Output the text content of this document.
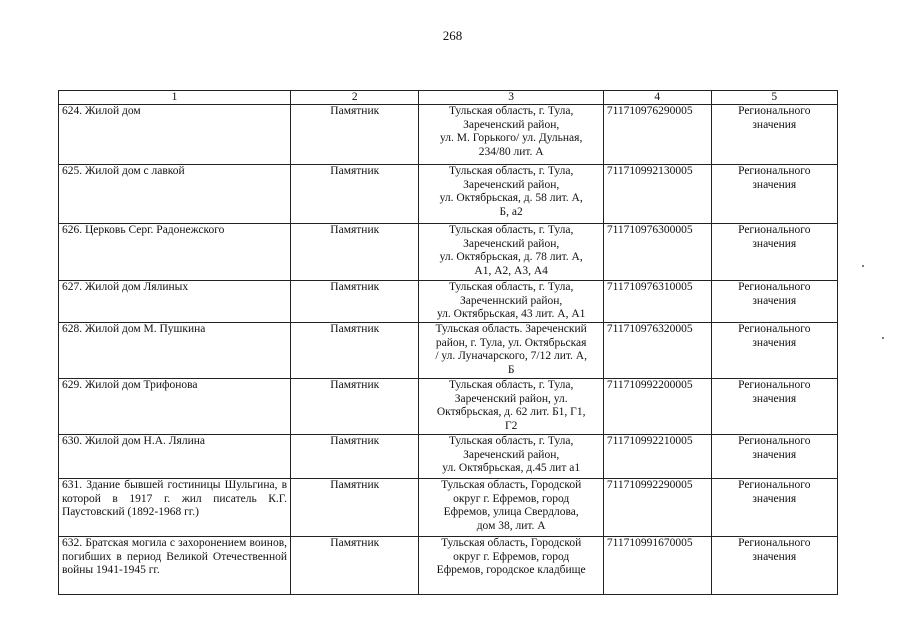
268
1	2	3	4	5
624. Жилой дом	Памятник	Тульская область, г. Тула,
Зареченский район,
ул. М. Горького/ ул. Дульная,
234/80 лит. А	711710976290005	Регионального
значения

625. Жилой дом с лавкой	Памятник	Тульская область, г. Тула,
Зареченский район,
ул. Октябрьская, д. 58 лит. А,
Б, а2	711710992130005	Регионального
значения

626. Церковь Серг. Радонежского	Памятник	Тульская область, г. Тула,
Зареченский район,
ул. Октябрьская, д. 78 лит. А,
А1, А2, А3, А4	711710976300005	Регионального
значения

627. Жилой дом Лялиных	Памятник	Тульская область, г. Тула,
Зареченнский район,
ул. Октябрьская, 43 лит. А, А1	711710976310005	Регионального
значения

628. Жилой дом М. Пушкина	Памятник	Тульская область. Зареченский
район, г. Тула, ул. Октябрьская
/ ул. Луначарского, 7/12 лит. А,
Б	711710976320005	Регионального
значения

629. Жилой дом Трифонова	Памятник	Тульская область, г. Тула,
Зареченский район, ул.
Октябрьская, д. 62 лит. Б1, Г1,
Г2	711710992200005	Регионального
значения

630. Жилой дом Н.А. Лялина	Памятник	Тульская область, г. Тула,
Зареченский район,
ул. Октябрьская, д.45 лит а1	711710992210005	Регионального
значения

631. Здание бывшей гостиницы Шульгина, в которой в 1917 г. жил писатель К.Г. Паустовский (1892-1968 гг.)	Памятник	Тульская область, Городской
округ г. Ефремов, город
Ефремов, улица Свердлова,
дом 38, лит. А	711710992290005	Регионального
значения

632. Братская могила с захоронением воинов, погибших в период Великой Отечественной войны 1941-1945 гг.	Памятник	Тульская область, Городской
округ г. Ефремов, город
Ефремов, городское кладбище	711710991670005	Регионального
значения
